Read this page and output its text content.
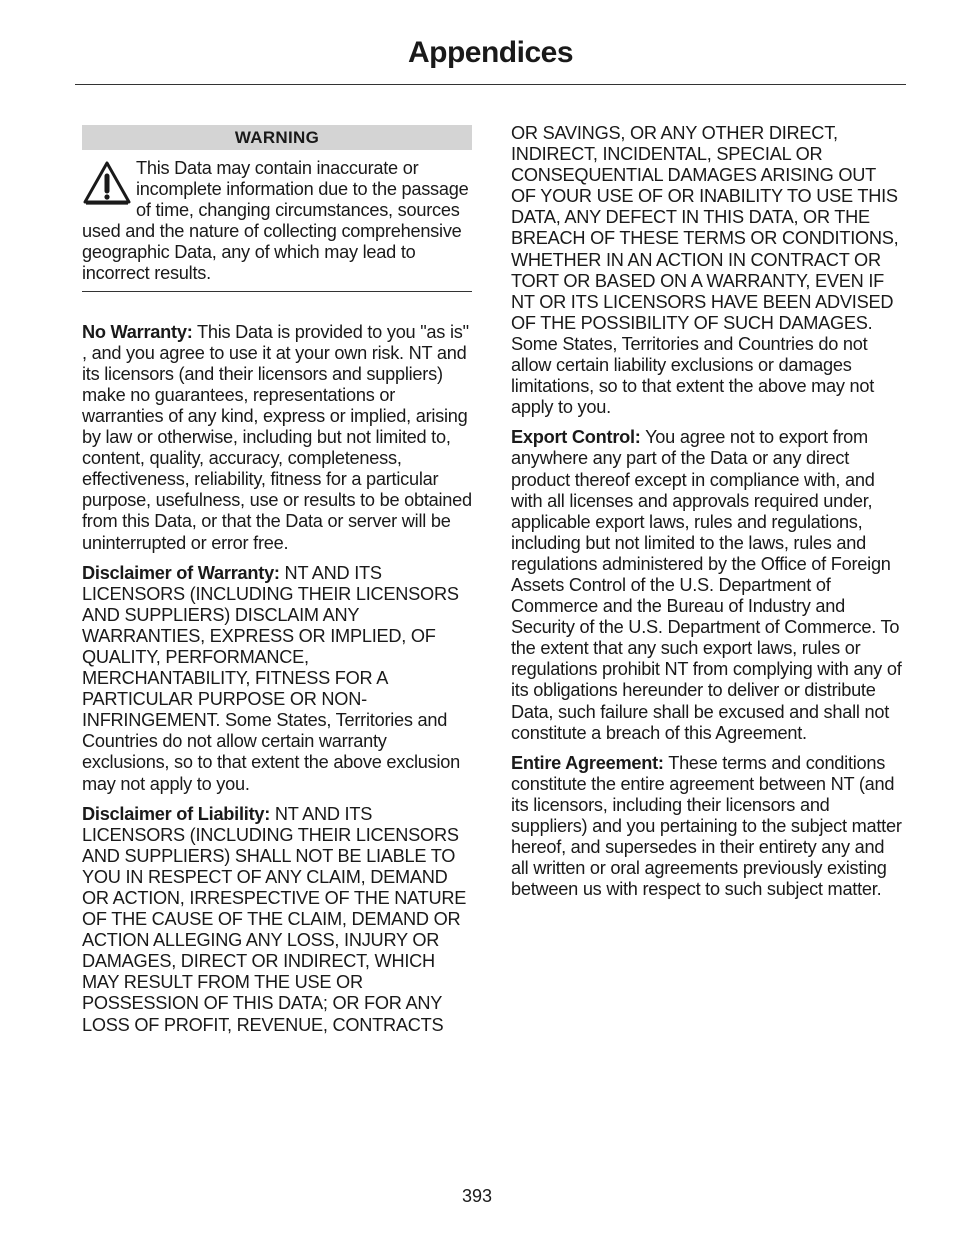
Appendices
WARNING
This Data may contain inaccurate or incomplete information due to the passage of time, changing circumstances, sources used and the nature of collecting comprehensive geographic Data, any of which may lead to incorrect results.

No Warranty: This Data is provided to you "as is" , and you agree to use it at your own risk. NT and its licensors (and their licensors and suppliers) make no guarantees, representations or warranties of any kind, express or implied, arising by law or otherwise, including but not limited to, content, quality, accuracy, completeness, effectiveness, reliability, fitness for a particular purpose, usefulness, use or results to be obtained from this Data, or that the Data or server will be uninterrupted or error free.

Disclaimer of Warranty: NT AND ITS LICENSORS (INCLUDING THEIR LICENSORS AND SUPPLIERS) DISCLAIM ANY WARRANTIES, EXPRESS OR IMPLIED, OF QUALITY, PERFORMANCE, MERCHANTABILITY, FITNESS FOR A PARTICULAR PURPOSE OR NON-INFRINGEMENT. Some States, Territories and Countries do not allow certain warranty exclusions, so to that extent the above exclusion may not apply to you.

Disclaimer of Liability: NT AND ITS LICENSORS (INCLUDING THEIR LICENSORS AND SUPPLIERS) SHALL NOT BE LIABLE TO YOU IN RESPECT OF ANY CLAIM, DEMAND OR ACTION, IRRESPECTIVE OF THE NATURE OF THE CAUSE OF THE CLAIM, DEMAND OR ACTION ALLEGING ANY LOSS, INJURY OR DAMAGES, DIRECT OR INDIRECT, WHICH MAY RESULT FROM THE USE OR POSSESSION OF THIS DATA; OR FOR ANY LOSS OF PROFIT, REVENUE, CONTRACTS

OR SAVINGS, OR ANY OTHER DIRECT, INDIRECT, INCIDENTAL, SPECIAL OR CONSEQUENTIAL DAMAGES ARISING OUT OF YOUR USE OF OR INABILITY TO USE THIS DATA, ANY DEFECT IN THIS DATA, OR THE BREACH OF THESE TERMS OR CONDITIONS, WHETHER IN AN ACTION IN CONTRACT OR TORT OR BASED ON A WARRANTY, EVEN IF NT OR ITS LICENSORS HAVE BEEN ADVISED OF THE POSSIBILITY OF SUCH DAMAGES. Some States, Territories and Countries do not allow certain liability exclusions or damages limitations, so to that extent the above may not apply to you.

Export Control: You agree not to export from anywhere any part of the Data or any direct product thereof except in compliance with, and with all licenses and approvals required under, applicable export laws, rules and regulations, including but not limited to the laws, rules and regulations administered by the Office of Foreign Assets Control of the U.S. Department of Commerce and the Bureau of Industry and Security of the U.S. Department of Commerce. To the extent that any such export laws, rules or regulations prohibit NT from complying with any of its obligations hereunder to deliver or distribute Data, such failure shall be excused and shall not constitute a breach of this Agreement.

Entire Agreement: These terms and conditions constitute the entire agreement between NT (and its licensors, including their licensors and suppliers) and you pertaining to the subject matter hereof, and supersedes in their entirety any and all written or oral agreements previously existing between us with respect to such subject matter.

393
